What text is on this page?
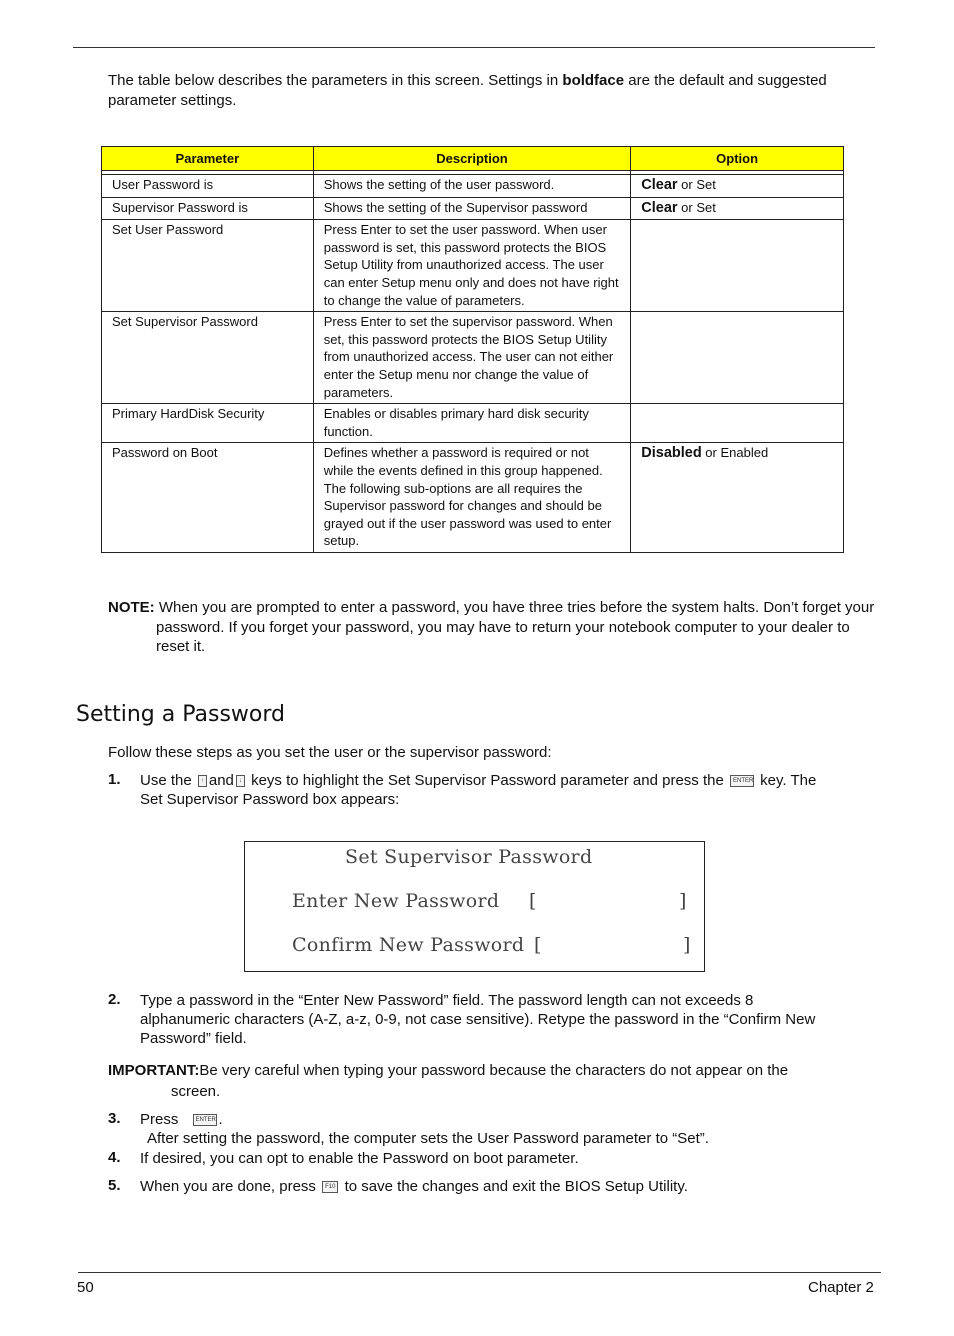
The table below describes the parameters in this screen. Settings in boldface are the default and suggested parameter settings.
Parameter	Description	Option

User Password is	Shows the setting of the user password.	Clear or Set
Supervisor Password is	Shows the setting of the Supervisor password	Clear or Set
Set User Password	Press Enter to set the user password. When user password is set, this password protects the BIOS Setup Utility from unauthorized access. The user can enter Setup menu only and does not have right to change the value of parameters.	
Set Supervisor Password	Press Enter to set the supervisor password. When set, this password protects the BIOS Setup Utility from unauthorized access. The user can not either enter the Setup menu nor change the value of parameters.	
Primary HardDisk Security	Enables or disables primary hard disk security function.	
Password on Boot	Defines whether a password is required or not while the events defined in this group happened. The following sub-options are all requires the Supervisor password for changes and should be grayed out if the user password was used to enter setup.	Disabled or Enabled
NOTE: When you are prompted to enter a password, you have three tries before the system halts. Don’t forget your password. If you forget your password, you may have to return your notebook computer to your dealer to reset it.
Setting a Password
Follow these steps as you set the user or the supervisor password:
1. Use the ↑ and ↓ keys to highlight the Set Supervisor Password parameter and press the ENTER key. The
Set Supervisor Password box appears:
Set Supervisor Password
Enter New Password [	]
Confirm New Password [	]
2. Type a password in the “Enter New Password” field. The password length can not exceeds 8
alphanumeric characters (A-Z, a-z, 0-9, not case sensitive). Retype the password in the “Confirm New
Password” field.
IMPORTANT:Be very careful when typing your password because the characters do not appear on the
screen.
3. Press	ENTER .
After setting the password, the computer sets the User Password parameter to “Set”.
4. If desired, you can opt to enable the Password on boot parameter.
5. When you are done, press F10 to save the changes and exit the BIOS Setup Utility.
50	Chapter 2
